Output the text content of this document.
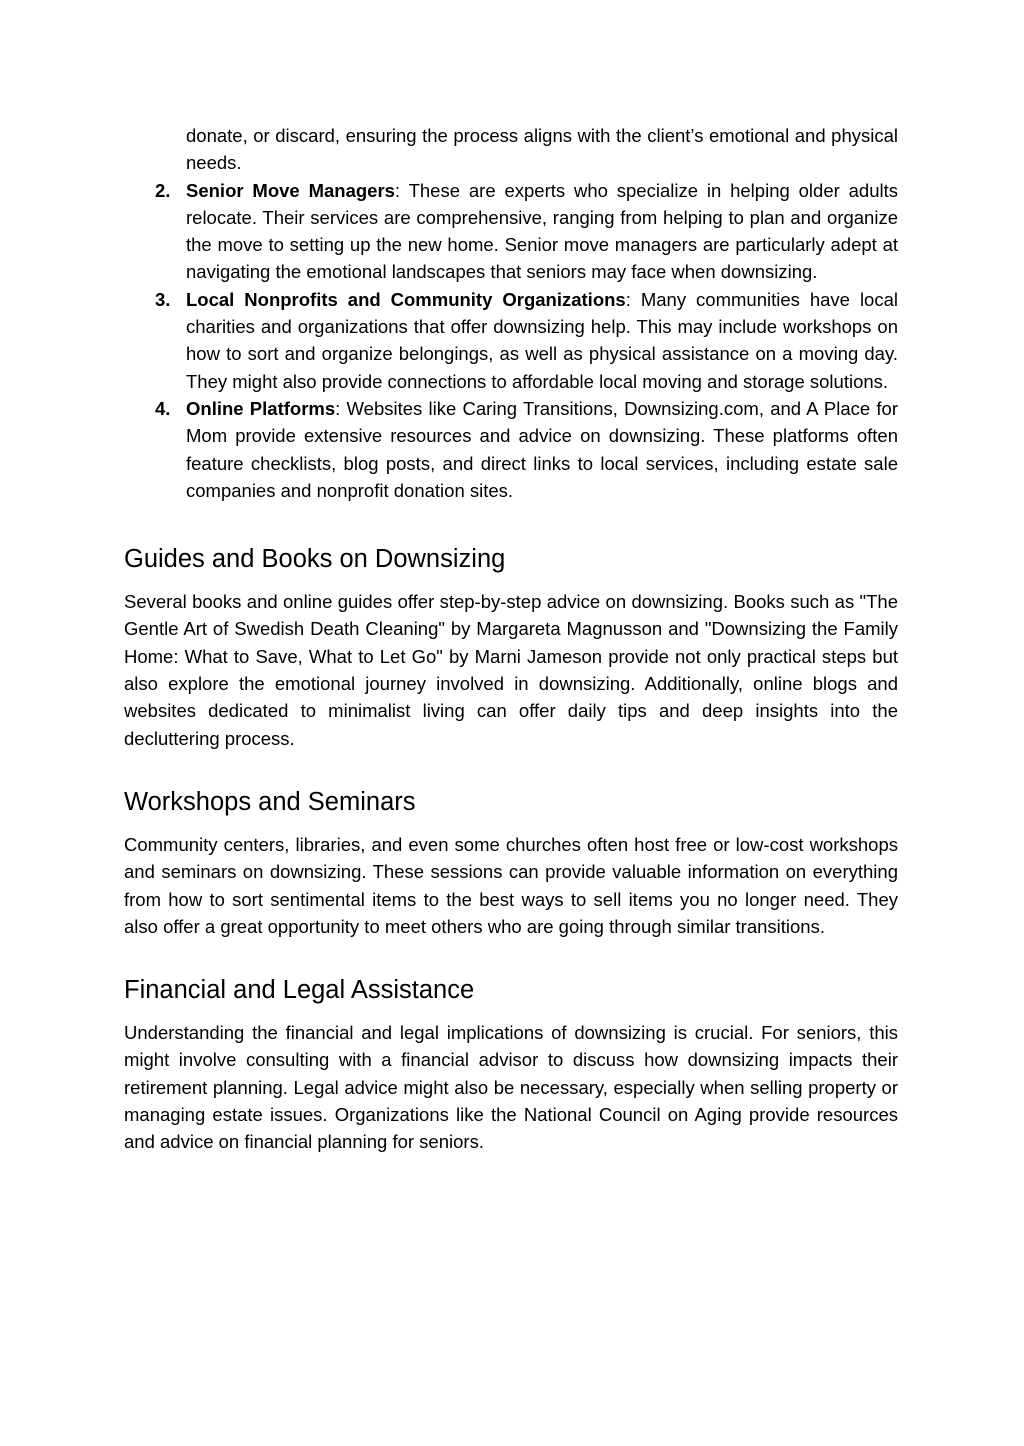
donate, or discard, ensuring the process aligns with the client’s emotional and physical needs.
2. Senior Move Managers: These are experts who specialize in helping older adults relocate. Their services are comprehensive, ranging from helping to plan and organize the move to setting up the new home. Senior move managers are particularly adept at navigating the emotional landscapes that seniors may face when downsizing.
3. Local Nonprofits and Community Organizations: Many communities have local charities and organizations that offer downsizing help. This may include workshops on how to sort and organize belongings, as well as physical assistance on a moving day. They might also provide connections to affordable local moving and storage solutions.
4. Online Platforms: Websites like Caring Transitions, Downsizing.com, and A Place for Mom provide extensive resources and advice on downsizing. These platforms often feature checklists, blog posts, and direct links to local services, including estate sale companies and nonprofit donation sites.
Guides and Books on Downsizing

Several books and online guides offer step-by-step advice on downsizing. Books such as "The Gentle Art of Swedish Death Cleaning" by Margareta Magnusson and "Downsizing the Family Home: What to Save, What to Let Go" by Marni Jameson provide not only practical steps but also explore the emotional journey involved in downsizing. Additionally, online blogs and websites dedicated to minimalist living can offer daily tips and deep insights into the decluttering process.

Workshops and Seminars

Community centers, libraries, and even some churches often host free or low-cost workshops and seminars on downsizing. These sessions can provide valuable information on everything from how to sort sentimental items to the best ways to sell items you no longer need. They also offer a great opportunity to meet others who are going through similar transitions.

Financial and Legal Assistance

Understanding the financial and legal implications of downsizing is crucial. For seniors, this might involve consulting with a financial advisor to discuss how downsizing impacts their retirement planning. Legal advice might also be necessary, especially when selling property or managing estate issues. Organizations like the National Council on Aging provide resources and advice on financial planning for seniors.
